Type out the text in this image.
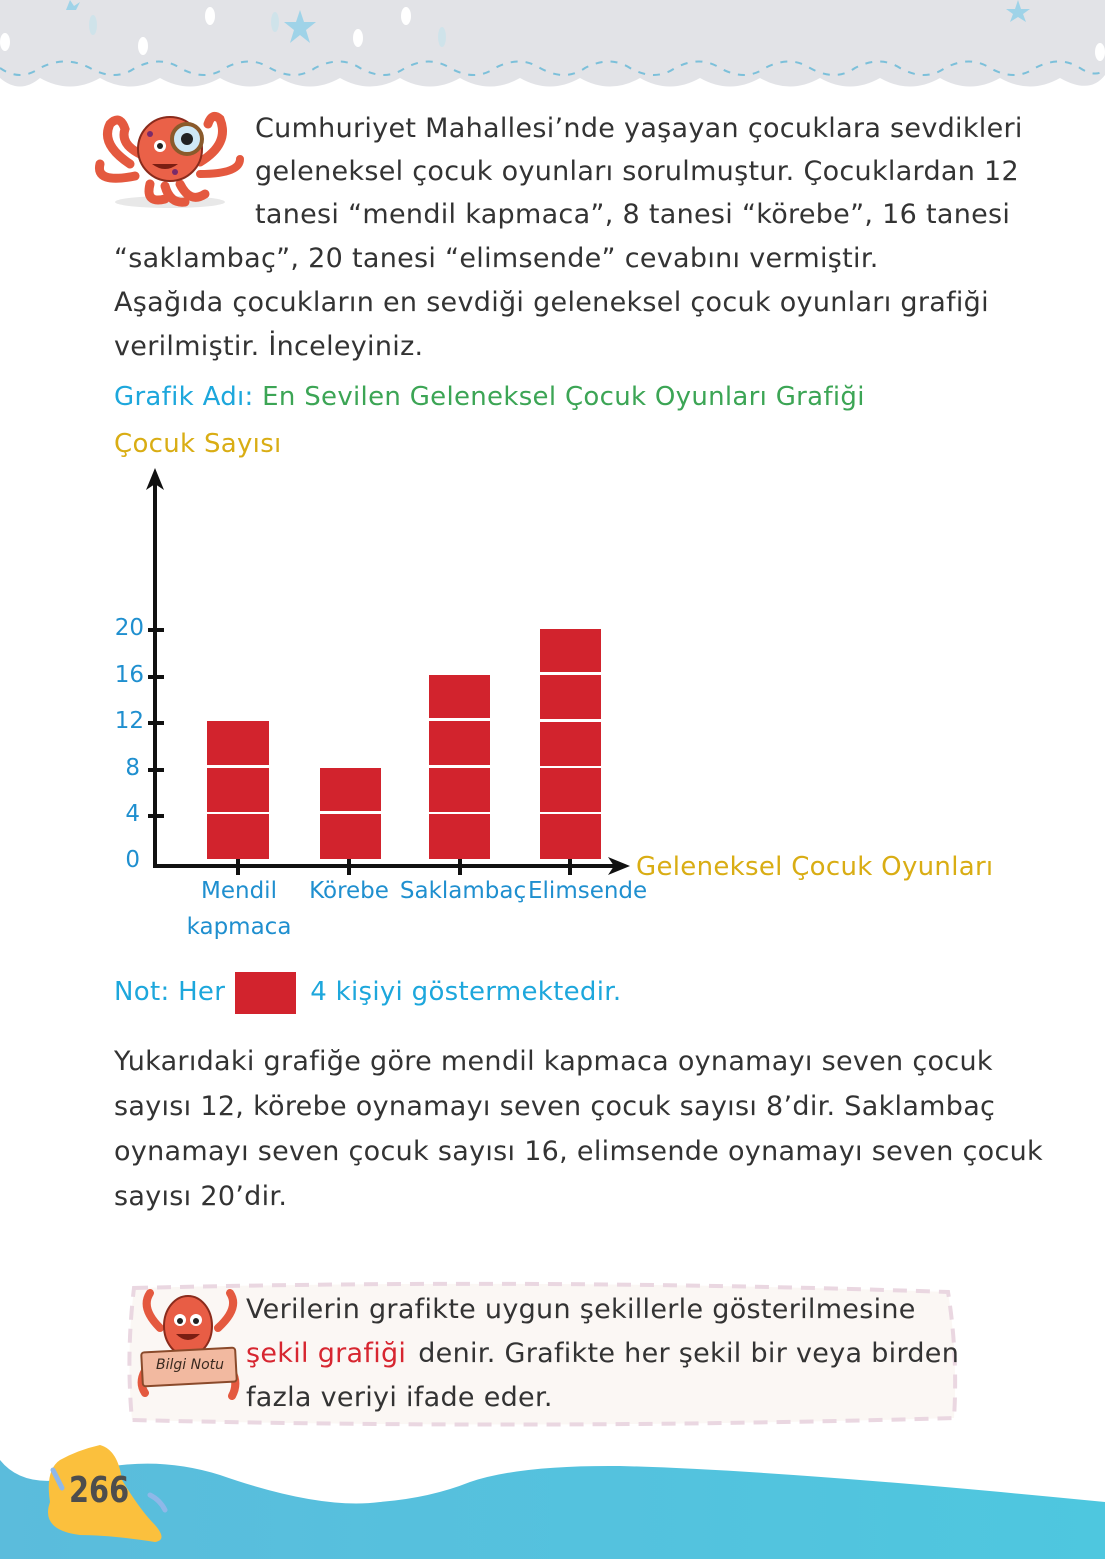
Cumhuriyet Mahallesi’nde yaşayan çocuklara sevdikleri
geleneksel çocuk oyunları sorulmuştur. Çocuklardan 12
tanesi “mendil kapmaca”, 8 tanesi “körebe”, 16 tanesi
“saklambaç”, 20 tanesi “elimsende” cevabını vermiştir.
Aşağıda çocukların en sevdiği geleneksel çocuk oyunları grafiği
verilmiştir. İnceleyiniz.
Grafik Adı: En Sevilen Geleneksel Çocuk Oyunları Grafiği
Çocuk Sayısı
20
16
12
8
4
0
Mendil
kapmaca
Körebe Saklambaç Elimsende
Geleneksel Çocuk Oyunları
Not: Her	4 kişiyi göstermektedir.
Yukarıdaki grafiğe göre mendil kapmaca oynamayı seven çocuk
sayısı 12, körebe oynamayı seven çocuk sayısı 8’dir. Saklambaç
oynamayı seven çocuk sayısı 16, elimsende oynamayı seven çocuk
sayısı 20’dir.
Bilgi Notu
Verilerin grafikte uygun şekillerle gösterilmesine
şekil grafiği denir. Grafikte her şekil bir veya birden
fazla veriyi ifade eder.
266
